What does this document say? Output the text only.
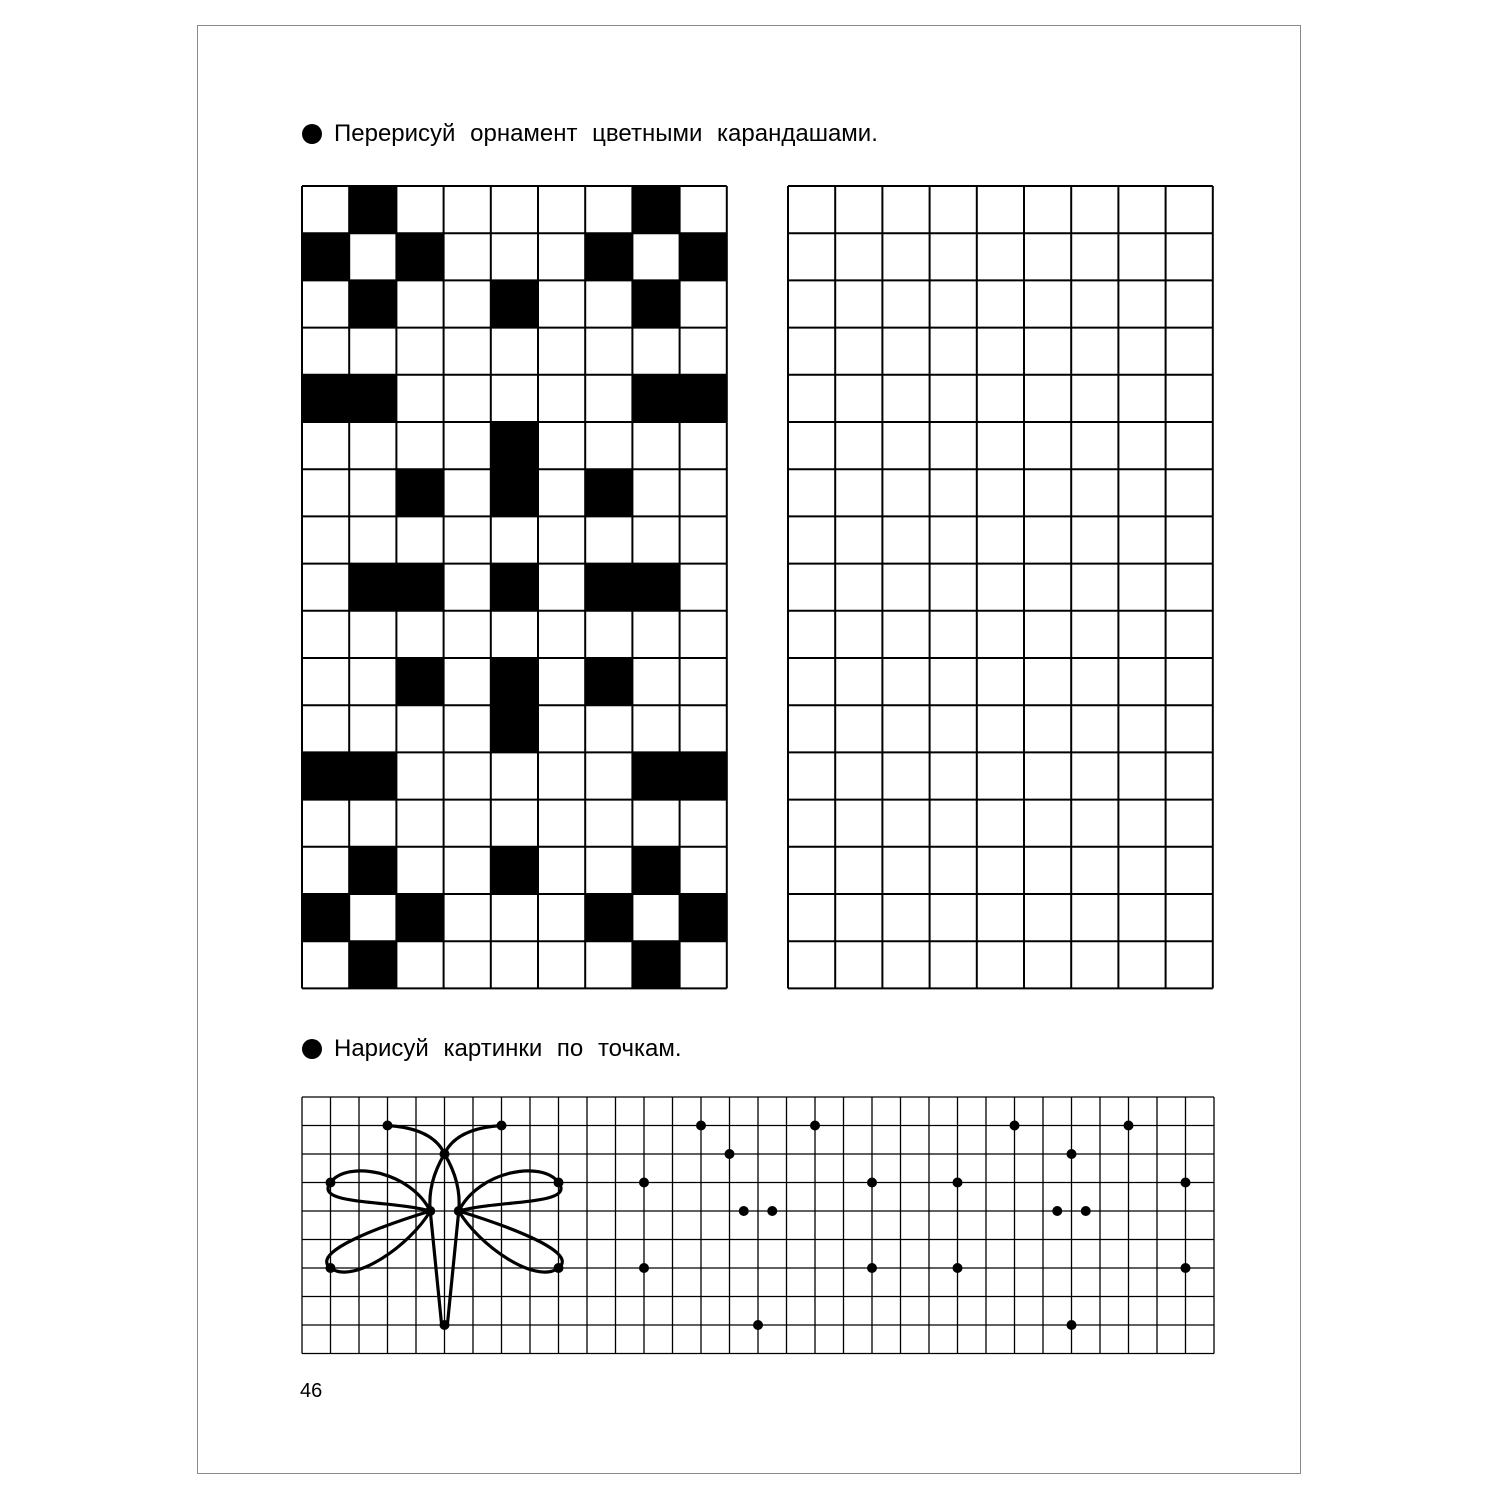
Перерисуй орнамент цветными карандашами.
Нарисуй картинки по точкам.
46
